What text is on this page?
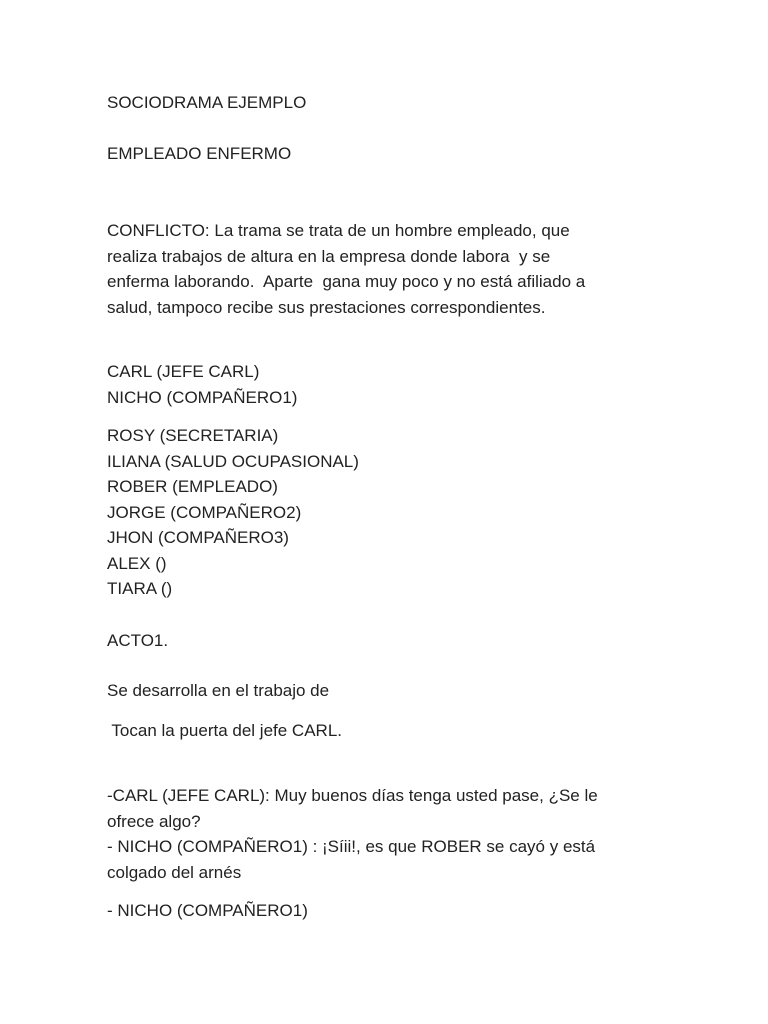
SOCIODRAMA EJEMPLO
EMPLEADO ENFERMO
CONFLICTO: La trama se trata de un hombre empleado, que
realiza trabajos de altura en la empresa donde labora  y se
enferma laborando.  Aparte  gana muy poco y no está afiliado a
salud, tampoco recibe sus prestaciones correspondientes.
CARL (JEFE CARL)
NICHO (COMPAÑERO1)
ROSY (SECRETARIA)
ILIANA (SALUD OCUPASIONAL)
ROBER (EMPLEADO)
JORGE (COMPAÑERO2)
JHON (COMPAÑERO3)
ALEX ()
TIARA ()
ACTO1.
Se desarrolla en el trabajo de
Tocan la puerta del jefe CARL.
-CARL (JEFE CARL): Muy buenos días tenga usted pase, ¿Se le
ofrece algo?
- NICHO (COMPAÑERO1) : ¡Síii!, es que ROBER se cayó y está
colgado del arnés
- NICHO (COMPAÑERO1)
